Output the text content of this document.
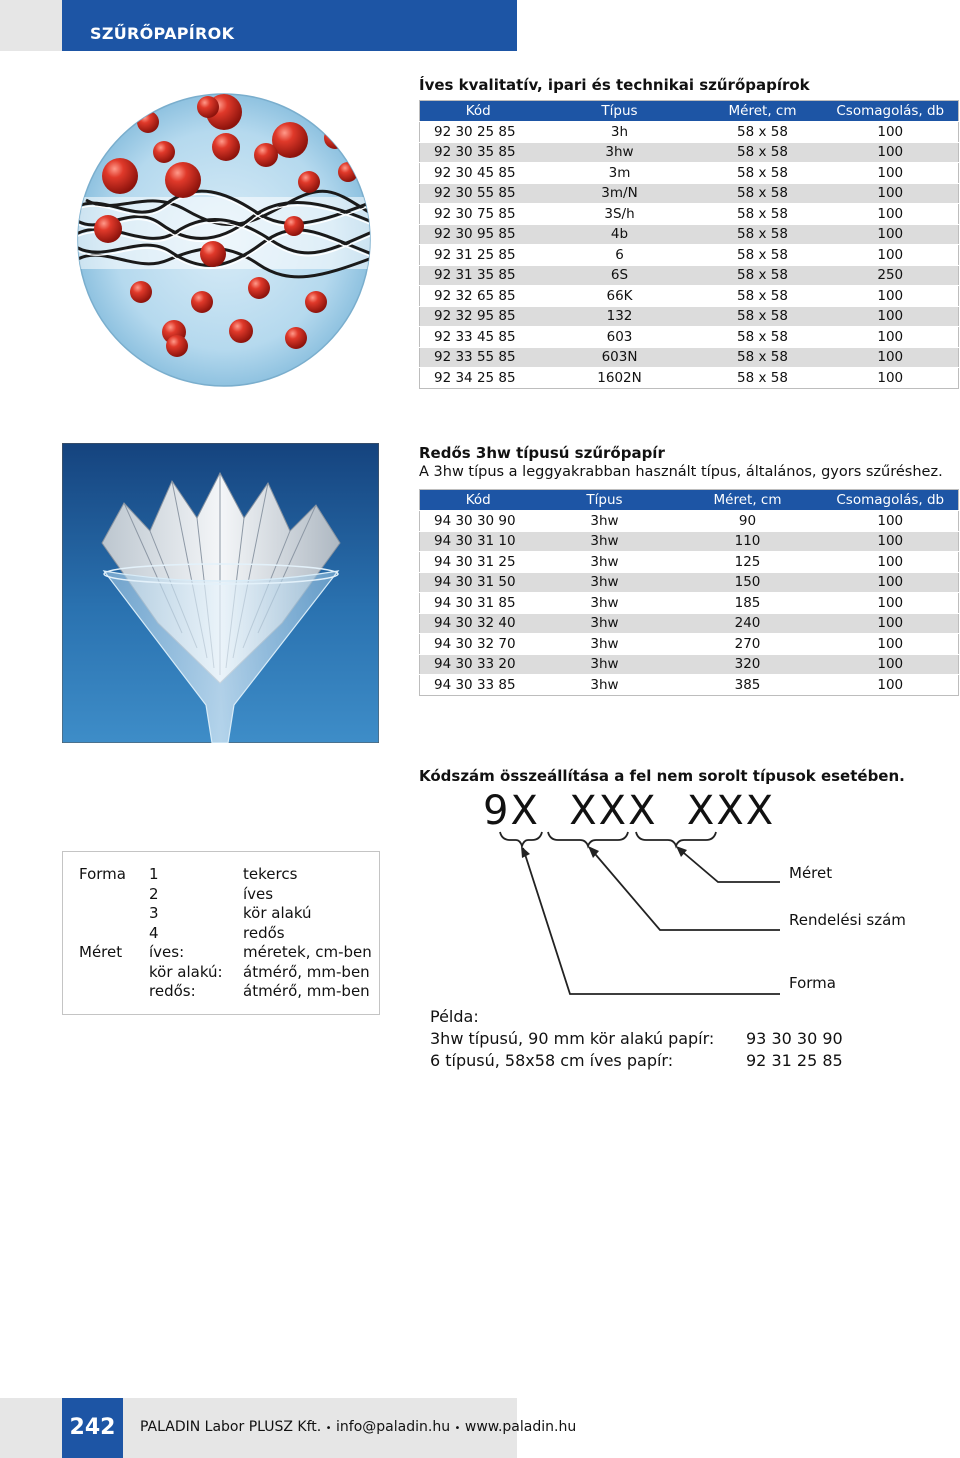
SZŰRŐPAPÍROK
Íves kvalitatív, ipari és technikai szűrőpapírok
Kód	Típus	Méret, cm	Csomagolás, db
92 30 25 85	3h	58 x 58	100
92 30 35 85	3hw	58 x 58	100
92 30 45 85	3m	58 x 58	100
92 30 55 85	3m/N	58 x 58	100
92 30 75 85	3S/h	58 x 58	100
92 30 95 85	4b	58 x 58	100
92 31 25 85	6	58 x 58	100
92 31 35 85	6S	58 x 58	250
92 32 65 85	66K	58 x 58	100
92 32 95 85	132	58 x 58	100
92 33 45 85	603	58 x 58	100
92 33 55 85	603N	58 x 58	100
92 34 25 85	1602N	58 x 58	100
Redős 3hw típusú szűrőpapír
A 3hw típus a leggyakrabban használt típus, általános, gyors szűréshez.
Kód	Típus	Méret, cm	Csomagolás, db
94 30 30 90	3hw	90	100
94 30 31 10	3hw	110	100
94 30 31 25	3hw	125	100
94 30 31 50	3hw	150	100
94 30 31 85	3hw	185	100
94 30 32 40	3hw	240	100
94 30 32 70	3hw	270	100
94 30 33 20	3hw	320	100
94 30 33 85	3hw	385	100
Kódszám összeállítása a fel nem sorolt típusok esetében.
9X  XXX  XXX
Méret
Rendelési szám
Forma
Forma 1	tekercs
2	íves
3	kör alakú
4	redős
Méret íves:	méretek, cm-ben
kör alakú: átmérő, mm-ben
redős:	átmérő, mm-ben
Példa:
3hw típusú, 90 mm kör alakú papír: 93 30 30 90
6 típusú, 58x58 cm íves papír:	92 31 25 85
242	PALADIN Labor PLUSZ Kft. • info@paladin.hu • www.paladin.hu
